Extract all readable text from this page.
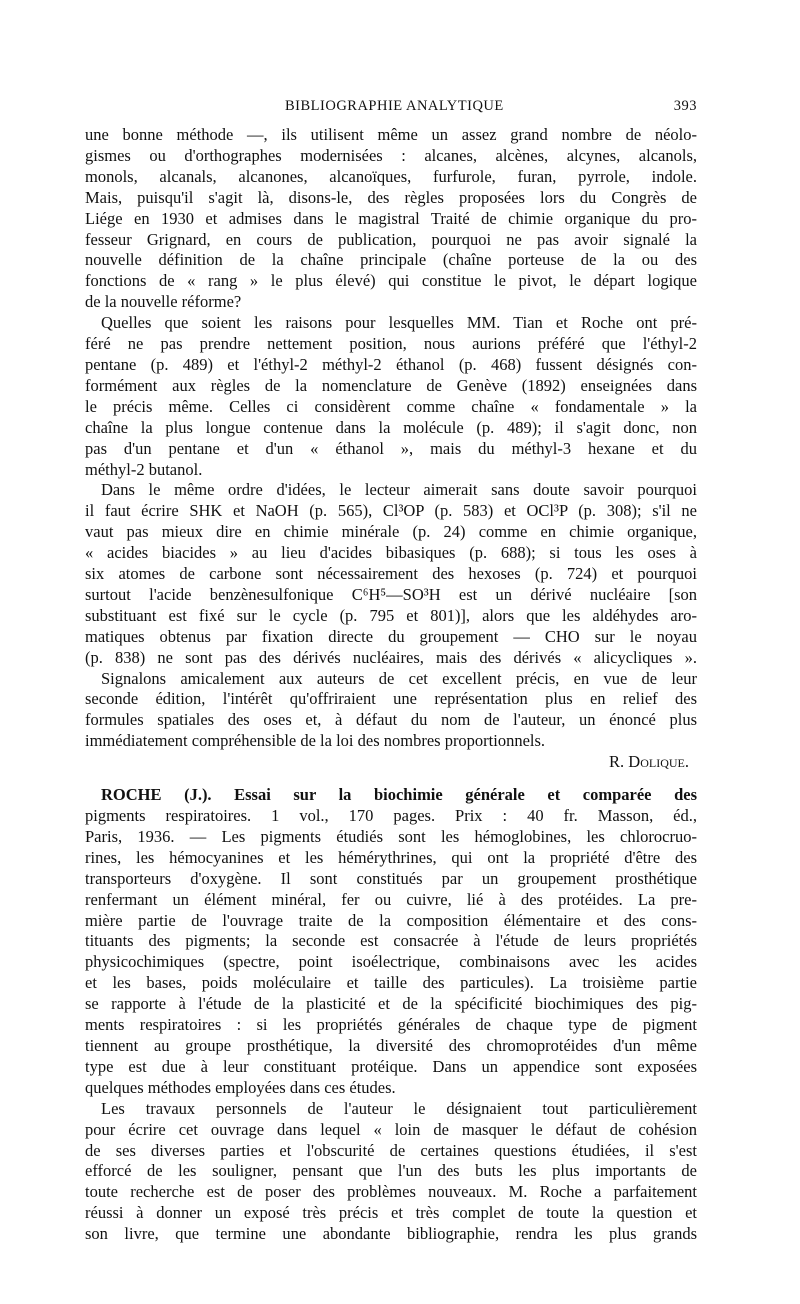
BIBLIOGRAPHIE ANALYTIQUE	393
une bonne méthode —, ils utilisent même un assez grand nombre de néolo-
gismes ou d'orthographes modernisées : alcanes, alcènes, alcynes, alcanols,
monols, alcanals, alcanones, alcanoïques, furfurole, furan, pyrrole, indole.
Mais, puisqu'il s'agit là, disons-le, des règles proposées lors du Congrès de
Liége en 1930 et admises dans le magistral Traité de chimie organique du pro-
fesseur Grignard, en cours de publication, pourquoi ne pas avoir signalé la
nouvelle définition de la chaîne principale (chaîne porteuse de la ou des
fonctions de « rang » le plus élevé) qui constitue le pivot, le départ logique
de la nouvelle réforme?
Quelles que soient les raisons pour lesquelles MM. Tian et Roche ont pré-
féré ne pas prendre nettement position, nous aurions préféré que l'éthyl-2
pentane (p. 489) et l'éthyl-2 méthyl-2 éthanol (p. 468) fussent désignés con-
formément aux règles de la nomenclature de Genève (1892) enseignées dans
le précis même. Celles ci considèrent comme chaîne « fondamentale » la
chaîne la plus longue contenue dans la molécule (p. 489); il s'agit donc, non
pas d'un pentane et d'un « éthanol », mais du méthyl-3 hexane et du
méthyl-2 butanol.
Dans le même ordre d'idées, le lecteur aimerait sans doute savoir pourquoi
il faut écrire SHK et NaOH (p. 565), Cl³OP (p. 583) et OCl³P (p. 308); s'il ne
vaut pas mieux dire en chimie minérale (p. 24) comme en chimie organique,
« acides biacides » au lieu d'acides bibasiques (p. 688); si tous les oses à
six atomes de carbone sont nécessairement des hexoses (p. 724) et pourquoi
surtout l'acide benzènesulfonique C⁶H⁵—SO³H est un dérivé nucléaire [son
substituant est fixé sur le cycle (p. 795 et 801)], alors que les aldéhydes aro-
matiques obtenus par fixation directe du groupement — CHO sur le noyau
(p. 838) ne sont pas des dérivés nucléaires, mais des dérivés « alicycliques ».
Signalons amicalement aux auteurs de cet excellent précis, en vue de leur
seconde édition, l'intérêt qu'offriraient une représentation plus en relief des
formules spatiales des oses et, à défaut du nom de l'auteur, un énoncé plus
immédiatement compréhensible de la loi des nombres proportionnels.
R. Dolique.
ROCHE (J.). Essai sur la biochimie générale et comparée des
pigments respiratoires. 1 vol., 170 pages. Prix : 40 fr. Masson, éd.,
Paris, 1936. — Les pigments étudiés sont les hémoglobines, les chlorocruo-
rines, les hémocyanines et les hémérythrines, qui ont la propriété d'être des
transporteurs d'oxygène. Il sont constitués par un groupement prosthétique
renfermant un élément minéral, fer ou cuivre, lié à des protéides. La pre-
mière partie de l'ouvrage traite de la composition élémentaire et des cons-
tituants des pigments; la seconde est consacrée à l'étude de leurs propriétés
physicochimiques (spectre, point isoélectrique, combinaisons avec les acides
et les bases, poids moléculaire et taille des particules). La troisième partie
se rapporte à l'étude de la plasticité et de la spécificité biochimiques des pig-
ments respiratoires : si les propriétés générales de chaque type de pigment
tiennent au groupe prosthétique, la diversité des chromoprotéides d'un même
type est due à leur constituant protéique. Dans un appendice sont exposées
quelques méthodes employées dans ces études.
Les travaux personnels de l'auteur le désignaient tout particulièrement
pour écrire cet ouvrage dans lequel « loin de masquer le défaut de cohésion
de ses diverses parties et l'obscurité de certaines questions étudiées, il s'est
efforcé de les souligner, pensant que l'un des buts les plus importants de
toute recherche est de poser des problèmes nouveaux. M. Roche a parfaitement
réussi à donner un exposé très précis et très complet de toute la question et
son livre, que termine une abondante bibliographie, rendra les plus grands
